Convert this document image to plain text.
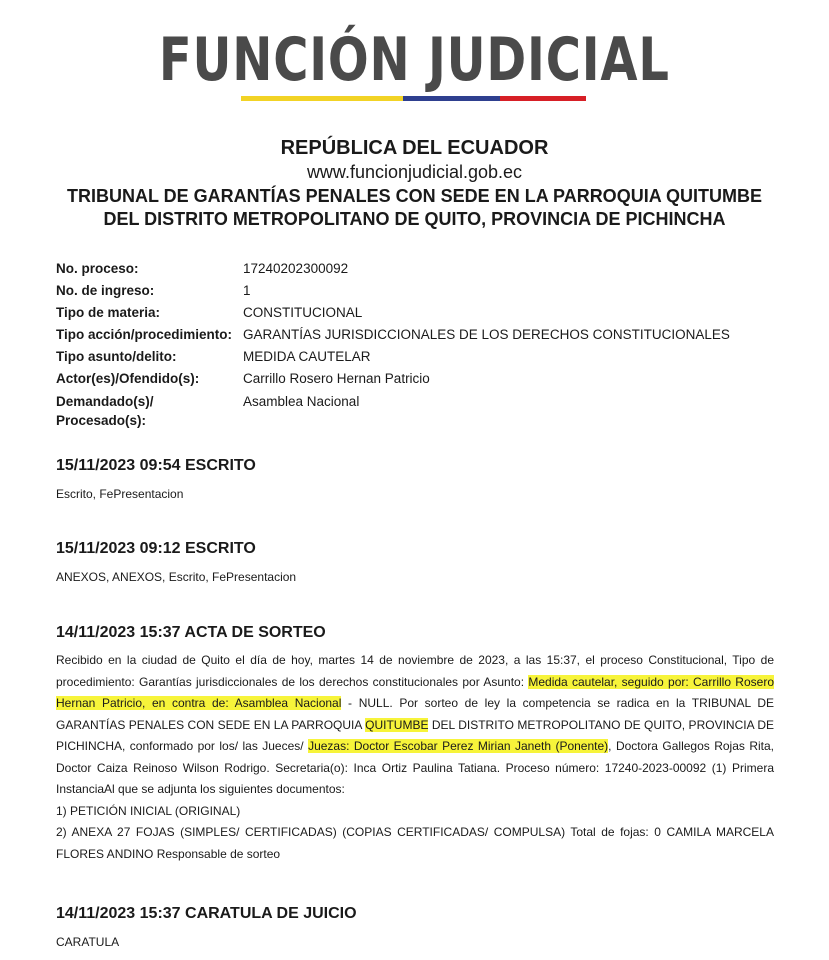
FUNCIÓN JUDICIAL
REPÚBLICA DEL ECUADOR
www.funcionjudicial.gob.ec
TRIBUNAL DE GARANTÍAS PENALES CON SEDE EN LA PARROQUIA QUITUMBE
DEL DISTRITO METROPOLITANO DE QUITO, PROVINCIA DE PICHINCHA
No. proceso:	17240202300092
No. de ingreso:	1
Tipo de materia:	CONSTITUCIONAL
Tipo acción/procedimiento: GARANTÍAS JURISDICCIONALES DE LOS DERECHOS CONSTITUCIONALES
Tipo asunto/delito:	MEDIDA CAUTELAR
Actor(es)/Ofendido(s):	Carrillo Rosero Hernan Patricio
Demandado(s)/
Procesado(s):
Asamblea Nacional
15/11/2023 09:54 ESCRITO
Escrito, FePresentacion
15/11/2023 09:12 ESCRITO
ANEXOS, ANEXOS, Escrito, FePresentacion
14/11/2023 15:37 ACTA DE SORTEO
Recibido en la ciudad de Quito el día de hoy, martes 14 de noviembre de 2023, a las 15:37, el proceso Constitucional, Tipo de procedimiento: Garantías jurisdiccionales de los derechos constitucionales por Asunto: Medida cautelar, seguido por: Carrillo Rosero Hernan Patricio, en contra de: Asamblea Nacional - NULL. Por sorteo de ley la competencia se radica en la TRIBUNAL DE GARANTÍAS PENALES CON SEDE EN LA PARROQUIA QUITUMBE DEL DISTRITO METROPOLITANO DE QUITO, PROVINCIA DE PICHINCHA, conformado por los/ las Jueces/ Juezas: Doctor Escobar Perez Mirian Janeth (Ponente), Doctora Gallegos Rojas Rita, Doctor Caiza Reinoso Wilson Rodrigo. Secretaria(o): Inca Ortiz Paulina Tatiana. Proceso número: 17240-2023-00092 (1) Primera InstanciaAl que se adjunta los siguientes documentos:
1) PETICIÓN INICIAL (ORIGINAL)
2) ANEXA 27 FOJAS (SIMPLES/ CERTIFICADAS) (COPIAS CERTIFICADAS/ COMPULSA) Total de fojas: 0 CAMILA MARCELA FLORES ANDINO Responsable de sorteo
14/11/2023 15:37 CARATULA DE JUICIO
CARATULA
